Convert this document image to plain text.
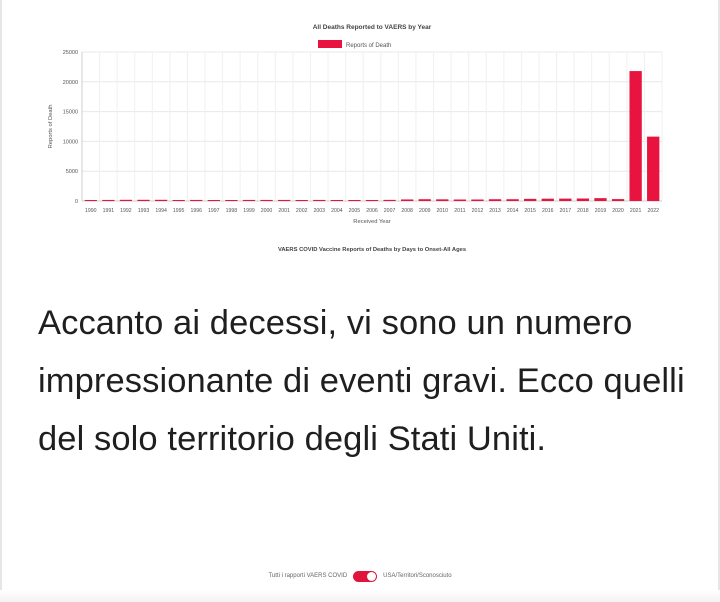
All Deaths Reported to VAERS by Year
Reports of Death
0
5000
10000
15000
20000
25000
1990 1991 1992 1993 1994 1995 1996 1997 1998 1999 2000 2001 2002 2003 2004 2005 2006 2007 2008 2009 2010 2011 2012 2013 2014 2015 2016 2017 2018 2019 2020 2021 2022
Received Year
Reports of Death
VAERS COVID Vaccine Reports of Deaths by Days to Onset-All Ages

Accanto ai decessi, vi sono un numero impressionante di eventi gravi. Ecco quelli del solo territorio degli Stati Uniti.

Tutti i rapporti VAERS COVID	USA/Territori/Sconosciuto
